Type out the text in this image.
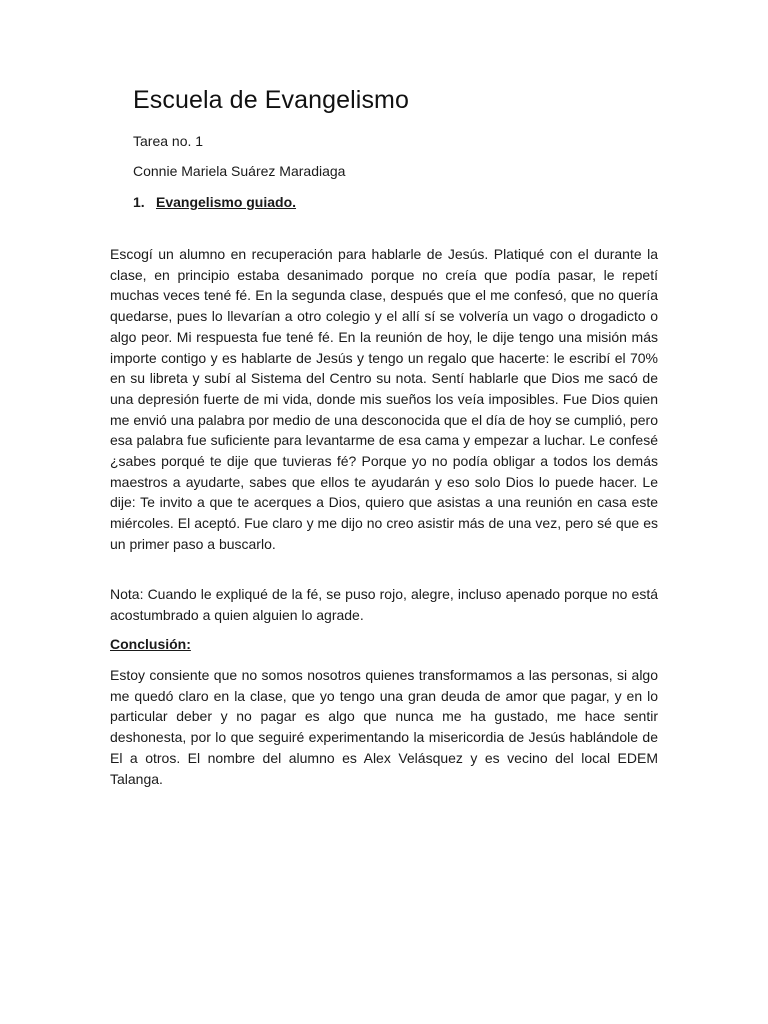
Escuela de Evangelismo

Tarea no. 1

Connie Mariela Suárez Maradiaga

1. Evangelismo guiado.

Escogí un alumno en recuperación para hablarle de Jesús. Platiqué con el durante la clase, en principio estaba desanimado porque no creía que podía pasar, le repetí muchas veces tené fé. En la segunda clase, después que el me confesó, que no quería quedarse, pues lo llevarían a otro colegio y el allí sí se volvería un vago o drogadicto o algo peor. Mi respuesta fue tené fé. En la reunión de hoy, le dije tengo una misión más importe contigo y es hablarte de Jesús y tengo un regalo que hacerte: le escribí el 70% en su libreta y subí al Sistema del Centro su nota. Sentí hablarle que Dios me sacó de una depresión fuerte de mi vida, donde mis sueños los veía imposibles. Fue Dios quien me envió una palabra por medio de una desconocida que el día de hoy se cumplió, pero esa palabra fue suficiente para levantarme de esa cama y empezar a luchar. Le confesé ¿sabes porqué te dije que tuvieras fé? Porque yo no podía obligar a todos los demás maestros a ayudarte, sabes que ellos te ayudarán y eso solo Dios lo puede hacer. Le dije: Te invito a que te acerques a Dios, quiero que asistas a una reunión en casa este miércoles. El aceptó. Fue claro y me dijo no creo asistir más de una vez, pero sé que es un primer paso a buscarlo.

Nota: Cuando le expliqué de la fé, se puso rojo, alegre, incluso apenado porque no está acostumbrado a quien alguien lo agrade.

Conclusión:

Estoy consiente que no somos nosotros quienes transformamos a las personas, si algo me quedó claro en la clase, que yo tengo una gran deuda de amor que pagar, y en lo particular deber y no pagar es algo que nunca me ha gustado, me hace sentir deshonesta, por lo que seguiré experimentando la misericordia de Jesús hablándole de El a otros. El nombre del alumno es Alex Velásquez y es vecino del local EDEM Talanga.
